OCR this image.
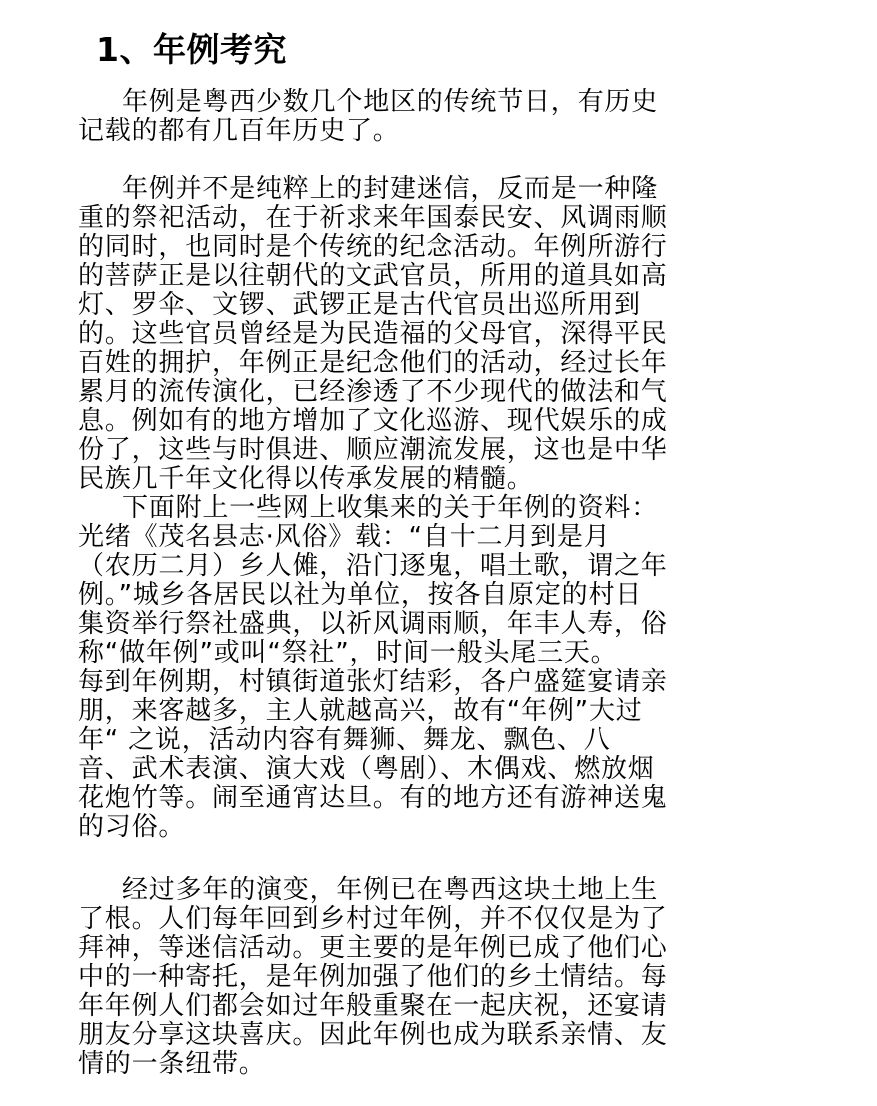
1、年例考究
年例是粤西少数几个地区的传统节日，有历史
记载的都有几百年历史了。
年例并不是纯粹上的封建迷信，反而是一种隆
重的祭祀活动，在于祈求来年国泰民安、风调雨顺
的同时，也同时是个传统的纪念活动。年例所游行
的菩萨正是以往朝代的文武官员，所用的道具如高
灯、罗伞、文锣、武锣正是古代官员出巡所用到
的。这些官员曾经是为民造福的父母官，深得平民
百姓的拥护，年例正是纪念他们的活动，经过长年
累月的流传演化，已经渗透了不少现代的做法和气
息。例如有的地方增加了文化巡游、现代娱乐的成
份了，这些与时俱进、顺应潮流发展，这也是中华
民族几千年文化得以传承发展的精髓。
下面附上一些网上收集来的关于年例的资料：
光绪《茂名县志·风俗》载：“自十二月到是月
（农历二月）乡人傩，沿门逐鬼，唱土歌，谓之年
例。”城乡各居民以社为单位，按各自原定的村日
集资举行祭社盛典，以祈风调雨顺，年丰人寿，俗
称“做年例”或叫“祭社”，时间一般头尾三天。
每到年例期，村镇街道张灯结彩，各户盛筵宴请亲
朋，来客越多，主人就越高兴，故有“年例”大过
年“ 之说，活动内容有舞狮、舞龙、飘色、八
音、武术表演、演大戏（粤剧）、木偶戏、燃放烟
花炮竹等。闹至通宵达旦。有的地方还有游神送鬼
的习俗。
经过多年的演变，年例已在粤西这块土地上生
了根。人们每年回到乡村过年例，并不仅仅是为了
拜神，等迷信活动。更主要的是年例已成了他们心
中的一种寄托，是年例加强了他们的乡土情结。每
年年例人们都会如过年般重聚在一起庆祝，还宴请
朋友分享这块喜庆。因此年例也成为联系亲情、友
情的一条纽带。
